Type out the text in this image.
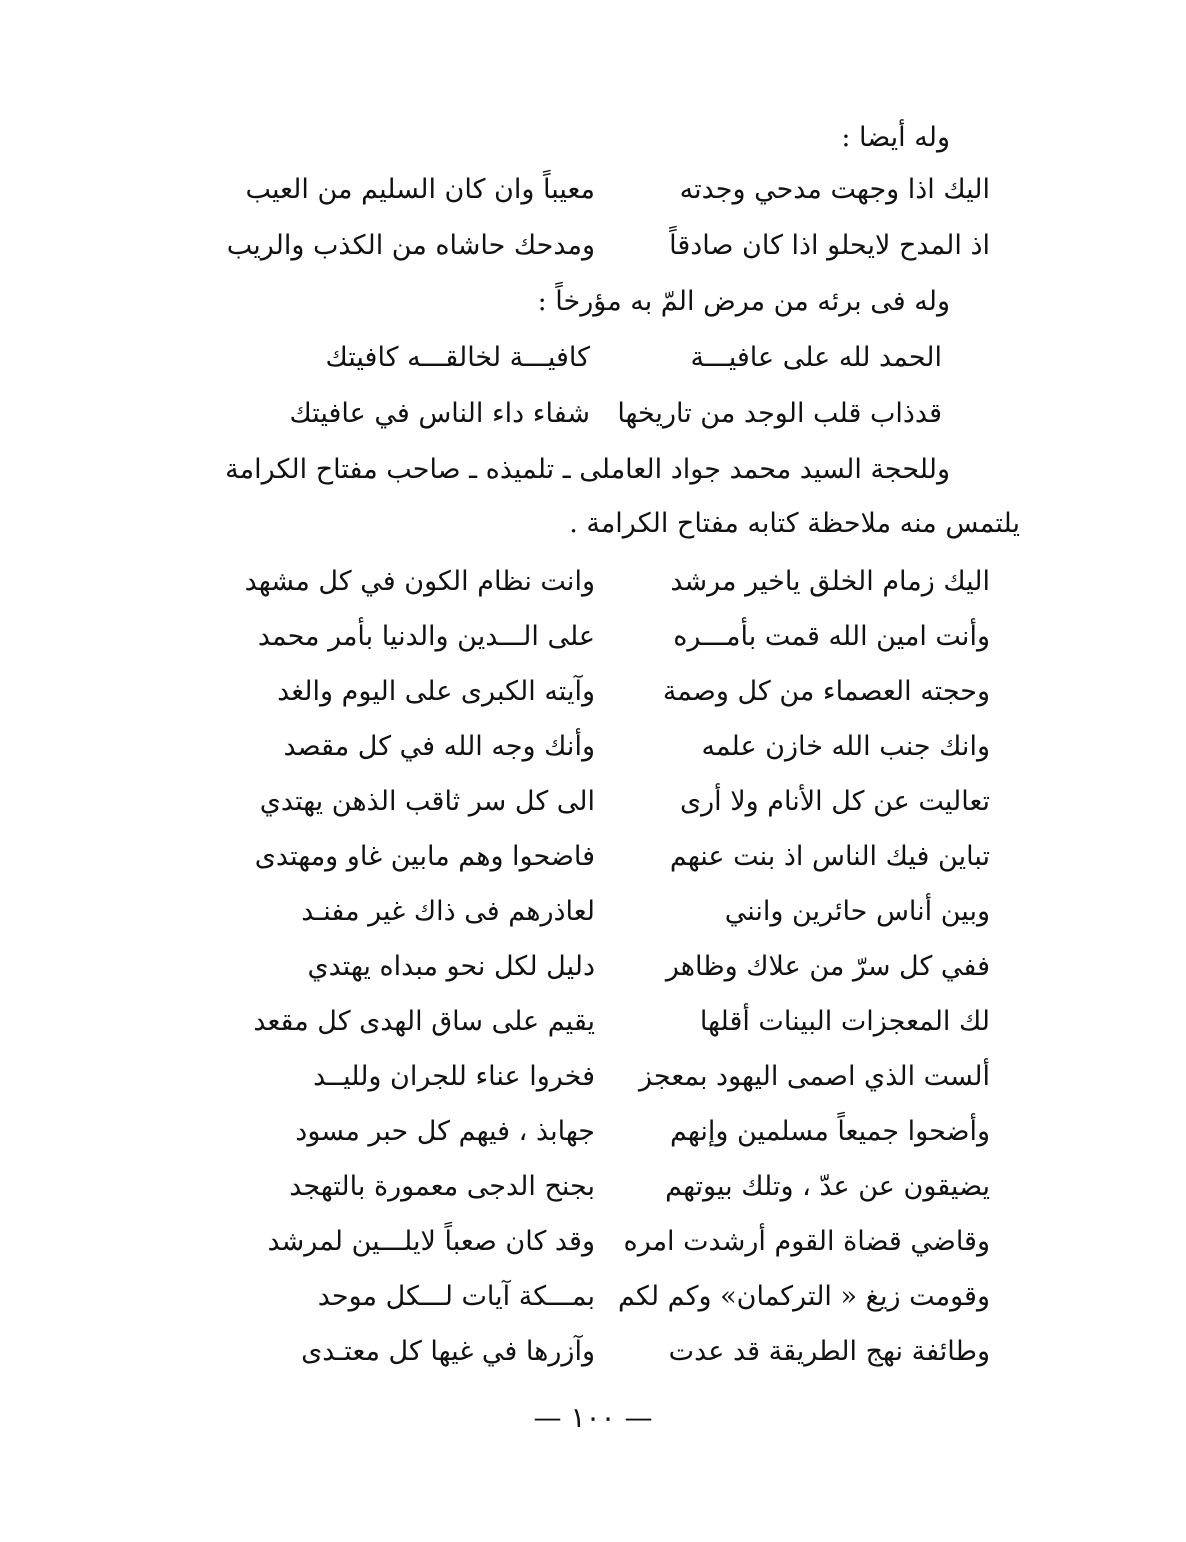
وله أيضا :
اليك اذا وجهت مدحي وجدته
معيباً وان كان السليم من العيب
اذ المدح لايحلو اذا كان صادقاً
ومدحك حاشاه من الكذب والريب
وله فى برئه من مرض المّ به مؤرخاً :
الحمد لله على عافيـــة
كافيـــة لخالقـــه كافيتك
قدذاب قلب الوجد من تاريخها
شفاء داء الناس في عافيتك
وللحجة السيد محمد جواد العاملى ـ تلميذه ـ صاحب مفتاح الكرامة
يلتمس منه ملاحظة كتابه مفتاح الكرامة .
اليك زمام الخلق ياخير مرشد
وانت نظام الكون في كل مشهد
وأنت امين الله قمت بأمـــره
على الـــدين والدنيا بأمر محمد
وحجته العصماء من كل وصمة
وآيته الكبرى على اليوم والغد
وانك جنب الله خازن علمه
وأنك وجه الله في كل مقصد
تعاليت عن كل الأنام ولا أرى
الى كل سر ثاقب الذهن يهتدي
تباين فيك الناس اذ بنت عنهم
فاضحوا وهم مابين غاو ومهتدى
وبين أناس حائرين وانني
لعاذرهم فى ذاك غير مفنـد
ففي كل سرّ من علاك وظاهر
دليل لكل نحو مبداه يهتدي
لك المعجزات البينات أقلها
يقيم على ساق الهدى كل مقعد
ألست الذي اصمى اليهود بمعجز
فخروا عناء للجران ولليــد
وأضحوا جميعاً مسلمين وإنهم
جهابذ ، فيهم كل حبر مسود
يضيقون عن عدّ ، وتلك بيوتهم
بجنح الدجى معمورة بالتهجد
وقاضي قضاة القوم أرشدت امره
وقد كان صعباً لايلـــين لمرشد
وقومت زيغ « التركمان» وكم لكم
بمـــكة آيات لـــكل موحد
وطائفة نهج الطريقة قد عدت
وآزرها في غيها كل معتـدى
— ١٠٠ —
